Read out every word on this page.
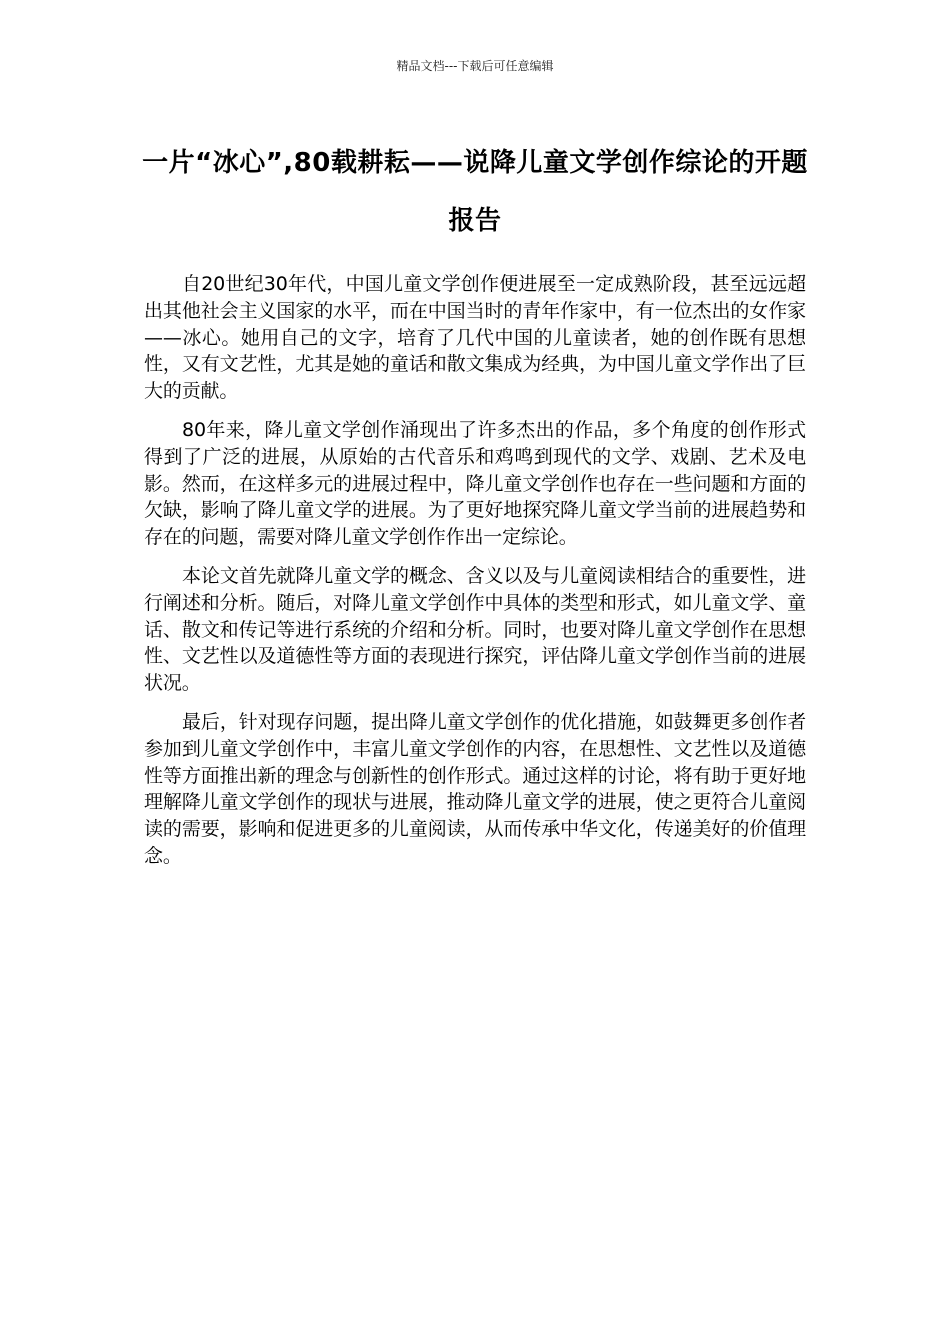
精品文档---下载后可任意编辑
一片“冰心”,80载耕耘——说降儿童文学创作综论的开题报告

自20世纪30年代，中国儿童文学创作便进展至一定成熟阶段，甚至远远超出其他社会主义国家的水平，而在中国当时的青年作家中，有一位杰出的女作家——冰心。她用自己的文字，培育了几代中国的儿童读者，她的创作既有思想性，又有文艺性，尤其是她的童话和散文集成为经典，为中国儿童文学作出了巨大的贡献。

80年来，降儿童文学创作涌现出了许多杰出的作品，多个角度的创作形式得到了广泛的进展，从原始的古代音乐和鸡鸣到现代的文学、戏剧、艺术及电影。然而，在这样多元的进展过程中，降儿童文学创作也存在一些问题和方面的欠缺，影响了降儿童文学的进展。为了更好地探究降儿童文学当前的进展趋势和存在的问题，需要对降儿童文学创作作出一定综论。

本论文首先就降儿童文学的概念、含义以及与儿童阅读相结合的重要性，进行阐述和分析。随后，对降儿童文学创作中具体的类型和形式，如儿童文学、童话、散文和传记等进行系统的介绍和分析。同时，也要对降儿童文学创作在思想性、文艺性以及道德性等方面的表现进行探究，评估降儿童文学创作当前的进展状况。

最后，针对现存问题，提出降儿童文学创作的优化措施，如鼓舞更多创作者参加到儿童文学创作中，丰富儿童文学创作的内容，在思想性、文艺性以及道德性等方面推出新的理念与创新性的创作形式。通过这样的讨论，将有助于更好地理解降儿童文学创作的现状与进展，推动降儿童文学的进展，使之更符合儿童阅读的需要，影响和促进更多的儿童阅读，从而传承中华文化，传递美好的价值理念。
